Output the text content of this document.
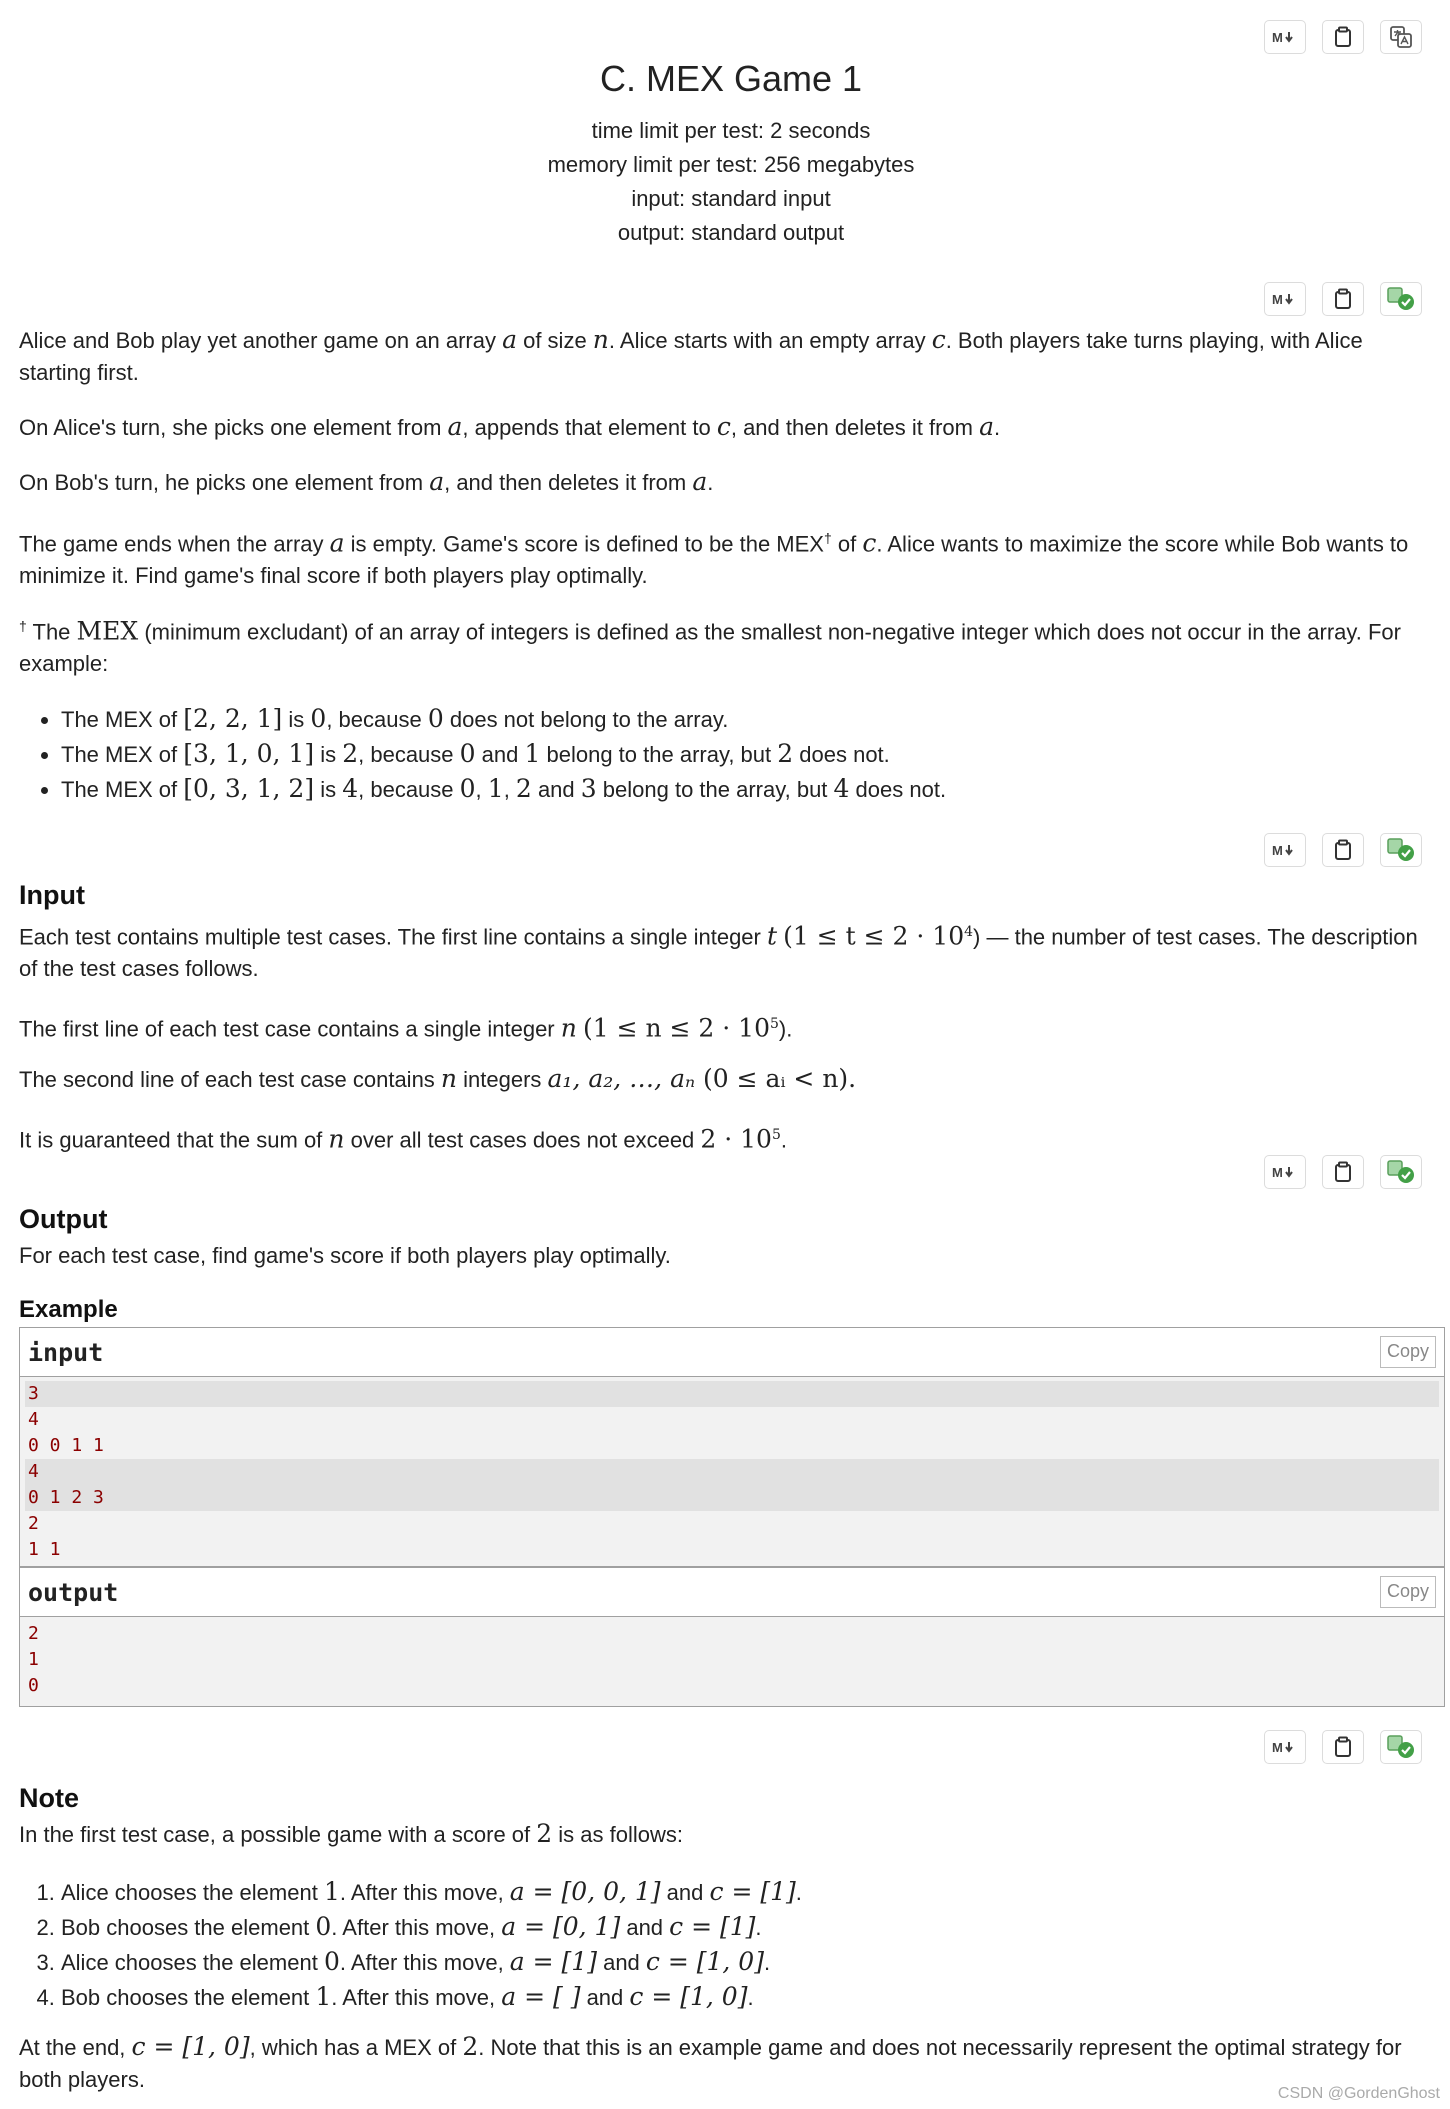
M
C. MEX Game 1
time limit per test: 2 seconds
memory limit per test: 256 megabytes
input: standard input
output: standard output
M
Alice and Bob play yet another game on an array a of size n. Alice starts with an empty array c. Both players take turns playing, with Alice starting first.
On Alice's turn, she picks one element from a, appends that element to c, and then deletes it from a.
On Bob's turn, he picks one element from a, and then deletes it from a.
The game ends when the array a is empty. Game's score is defined to be the MEX† of c. Alice wants to maximize the score while Bob wants to minimize it. Find game's final score if both players play optimally.
† The MEX (minimum excludant) of an array of integers is defined as the smallest non-negative integer which does not occur in the array. For example:
• The MEX of [2, 2, 1] is 0, because 0 does not belong to the array.
• The MEX of [3, 1, 0, 1] is 2, because 0 and 1 belong to the array, but 2 does not.
• The MEX of [0, 3, 1, 2] is 4, because 0, 1, 2 and 3 belong to the array, but 4 does not.
M
Input
Each test contains multiple test cases. The first line contains a single integer t $(1 \le t \le 2 \cdot 10^4)$ — the number of test cases. The description of the test cases follows.
The first line of each test case contains a single integer n $(1 \le n \le 2 \cdot 10^5)$.
The second line of each test case contains n integers a₁, a₂, …, aₙ (0 ≤ aᵢ < n).
It is guaranteed that the sum of n over all test cases does not exceed $2 \cdot 10^5$.
M
Output
For each test case, find game's score if both players play optimally.
Example
input	Copy
3
4
0 0 1 1
4
0 1 2 3
2
1 1
output	Copy
2
1
0
M
Note
In the first test case, a possible game with a score of 2 is as follows:
1. Alice chooses the element 1. After this move, a = [0, 0, 1] and c = [1].
2. Bob chooses the element 0. After this move, a = [0, 1] and c = [1].
3. Alice chooses the element 0. After this move, a = [1] and c = [1, 0].
4. Bob chooses the element 1. After this move, a = [ ] and c = [1, 0].
At the end, c = [1, 0], which has a MEX of 2. Note that this is an example game and does not necessarily represent the optimal strategy for both players.
CSDN @GordenGhost
